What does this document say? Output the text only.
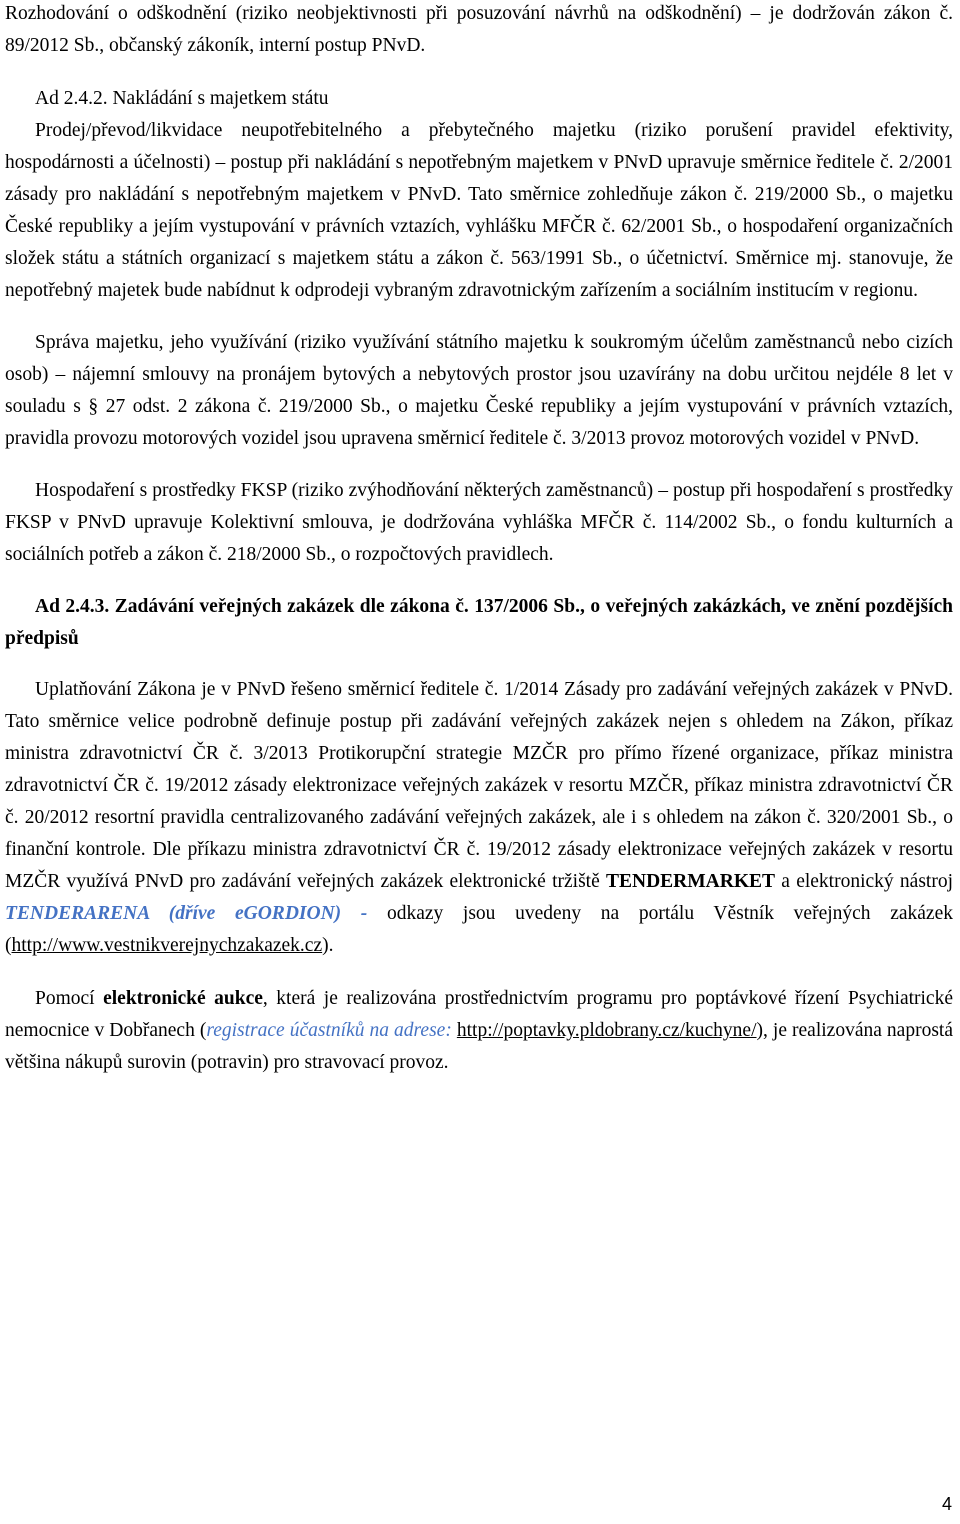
Rozhodování o odškodnění (riziko neobjektivnosti při posuzování návrhů na odškodnění) – je dodržován zákon č. 89/2012 Sb., občanský zákoník, interní postup PNvD.

Ad 2.4.2. Nakládání s majetkem státu

Prodej/převod/likvidace neupotřebitelného a přebytečného majetku (riziko porušení pravidel efektivity, hospodárnosti a účelnosti) – postup při nakládání s nepotřebným majetkem v PNvD upravuje směrnice ředitele č. 2/2001 zásady pro nakládání s nepotřebným majetkem v PNvD. Tato směrnice zohledňuje zákon č. 219/2000 Sb., o majetku České republiky a jejím vystupování v právních vztazích, vyhlášku MFČR č. 62/2001 Sb., o hospodaření organizačních složek státu a státních organizací s majetkem státu a zákon č. 563/1991 Sb., o účetnictví. Směrnice mj. stanovuje, že nepotřebný majetek bude nabídnut k odprodeji vybraným zdravotnickým zařízením a sociálním institucím v regionu.

Správa majetku, jeho využívání (riziko využívání státního majetku k soukromým účelům zaměstnanců nebo cizích osob) – nájemní smlouvy na pronájem bytových a nebytových prostor jsou uzavírány na dobu určitou nejdéle 8 let v souladu s § 27 odst. 2 zákona č. 219/2000 Sb., o majetku České republiky a jejím vystupování v právních vztazích, pravidla provozu motorových vozidel jsou upravena směrnicí ředitele č. 3/2013 provoz motorových vozidel v PNvD.

Hospodaření s prostředky FKSP (riziko zvýhodňování některých zaměstnanců) – postup při hospodaření s prostředky FKSP v PNvD upravuje Kolektivní smlouva, je dodržována vyhláška MFČR č. 114/2002 Sb., o fondu kulturních a sociálních potřeb a zákon č. 218/2000 Sb., o rozpočtových pravidlech.

Ad 2.4.3. Zadávání veřejných zakázek dle zákona č. 137/2006 Sb., o veřejných zakázkách, ve znění pozdějších předpisů

Uplatňování Zákona je v PNvD řešeno směrnicí ředitele č. 1/2014 Zásady pro zadávání veřejných zakázek v PNvD. Tato směrnice velice podrobně definuje postup při zadávání veřejných zakázek nejen s ohledem na Zákon, příkaz ministra zdravotnictví ČR č. 3/2013 Protikorupční strategie MZČR pro přímo řízené organizace, příkaz ministra zdravotnictví ČR č. 19/2012 zásady elektronizace veřejných zakázek v resortu MZČR, příkaz ministra zdravotnictví ČR č. 20/2012 resortní pravidla centralizovaného zadávání veřejných zakázek, ale i s ohledem na zákon č. 320/2001 Sb., o finanční kontrole. Dle příkazu ministra zdravotnictví ČR č. 19/2012 zásady elektronizace veřejných zakázek v resortu MZČR využívá PNvD pro zadávání veřejných zakázek elektronické tržiště TENDERMARKET a elektronický nástroj TENDERARENA (dříve eGORDION) - odkazy jsou uvedeny na portálu Věstník veřejných zakázek (http://www.vestnikverejnychzakazek.cz).

Pomocí elektronické aukce, která je realizována prostřednictvím programu pro poptávkové řízení Psychiatrické nemocnice v Dobřanech (registrace účastníků na adrese: http://poptavky.pldobrany.cz/kuchyne/), je realizována naprostá většina nákupů surovin (potravin) pro stravovací provoz.

4
